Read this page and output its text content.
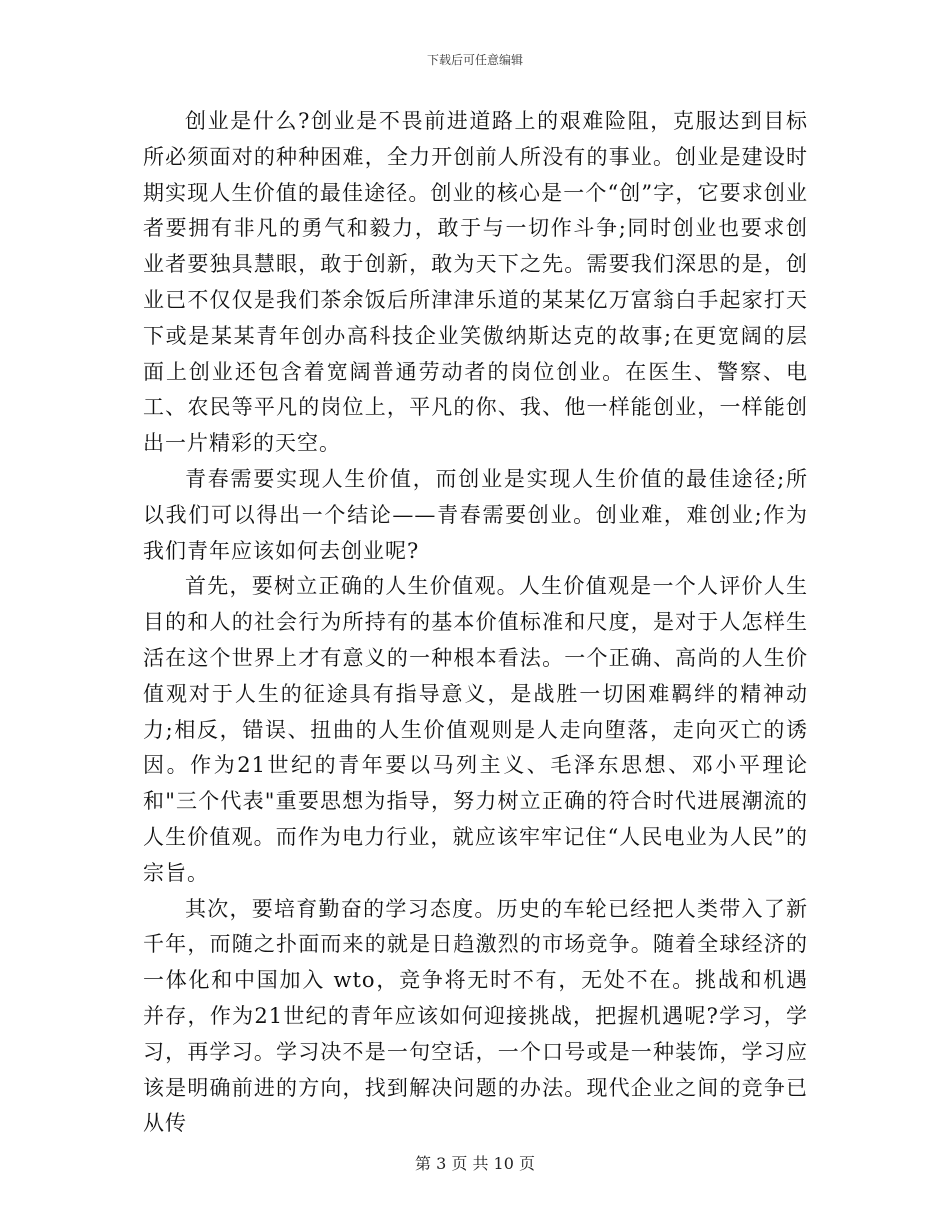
下载后可任意编辑

创业是什么?创业是不畏前进道路上的艰难险阻，克服达到目标所必须面对的种种困难，全力开创前人所没有的事业。创业是建设时期实现人生价值的最佳途径。创业的核心是一个“创”字，它要求创业者要拥有非凡的勇气和毅力，敢于与一切作斗争;同时创业也要求创业者要独具慧眼，敢于创新，敢为天下之先。需要我们深思的是，创业已不仅仅是我们茶余饭后所津津乐道的某某亿万富翁白手起家打天下或是某某青年创办高科技企业笑傲纳斯达克的故事;在更宽阔的层面上创业还包含着宽阔普通劳动者的岗位创业。在医生、警察、电工、农民等平凡的岗位上，平凡的你、我、他一样能创业，一样能创出一片精彩的天空。

青春需要实现人生价值，而创业是实现人生价值的最佳途径;所以我们可以得出一个结论——青春需要创业。创业难，难创业;作为我们青年应该如何去创业呢?

首先，要树立正确的人生价值观。人生价值观是一个人评价人生目的和人的社会行为所持有的基本价值标准和尺度，是对于人怎样生活在这个世界上才有意义的一种根本看法。一个正确、高尚的人生价值观对于人生的征途具有指导意义，是战胜一切困难羁绊的精神动力;相反，错误、扭曲的人生价值观则是人走向堕落，走向灭亡的诱因。作为21世纪的青年要以马列主义、毛泽东思想、邓小平理论和"三个代表"重要思想为指导，努力树立正确的符合时代进展潮流的人生价值观。而作为电力行业，就应该牢牢记住“人民电业为人民”的宗旨。

其次，要培育勤奋的学习态度。历史的车轮已经把人类带入了新千年，而随之扑面而来的就是日趋激烈的市场竞争。随着全球经济的一体化和中国加入 wto，竞争将无时不有，无处不在。挑战和机遇并存，作为21世纪的青年应该如何迎接挑战，把握机遇呢?学习，学习，再学习。学习决不是一句空话，一个口号或是一种装饰，学习应该是明确前进的方向，找到解决问题的办法。现代企业之间的竞争已从传

第 3 页 共 10 页
